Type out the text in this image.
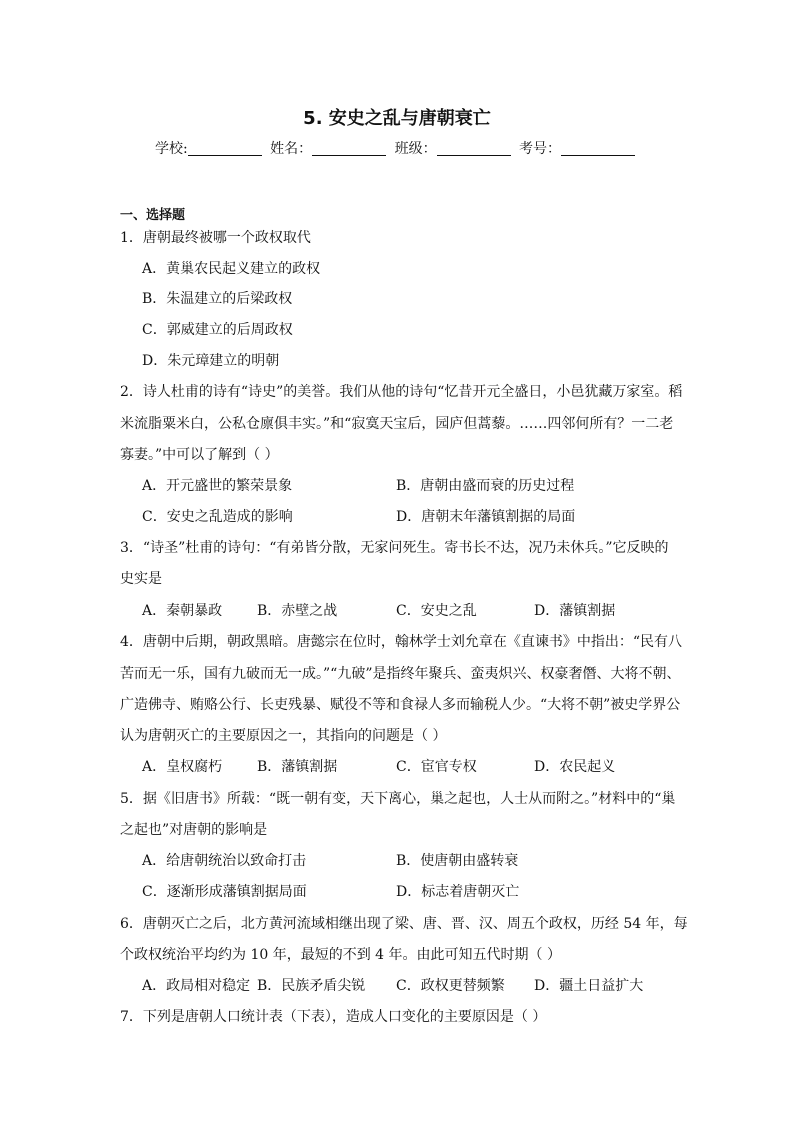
5. 安史之乱与唐朝衰亡
学校:	姓名：	班级：	考号：
一、选择题
1．唐朝最终被哪一个政权取代
A．黄巢农民起义建立的政权
B．朱温建立的后梁政权
C．郭威建立的后周政权
D．朱元璋建立的明朝
2．诗人杜甫的诗有“诗史”的美誉。我们从他的诗句“忆昔开元全盛日，小邑犹藏万家室。稻
米流脂粟米白，公私仓廪俱丰实。”和“寂寞天宝后，园庐但蒿藜。……四邻何所有？一二老
寡妻。”中可以了解到（ ）
A．开元盛世的繁荣景象	B．唐朝由盛而衰的历史过程
C．安史之乱造成的影响	D．唐朝末年藩镇割据的局面
3．“诗圣”杜甫的诗句：“有弟皆分散，无家问死生。寄书长不达，况乃未休兵。”它反映的
史实是
A．秦朝暴政 B．赤壁之战	C．安史之乱	D．藩镇割据
4．唐朝中后期，朝政黑暗。唐懿宗在位时，翰林学士刘允章在《直谏书》中指出：“民有八
苦而无一乐，国有九破而无一成。”“九破”是指终年聚兵、蛮夷炽兴、权豪奢僭、大将不朝、
广造佛寺、贿赂公行、长吏残暴、赋役不等和食禄人多而输税人少。“大将不朝”被史学界公
认为唐朝灭亡的主要原因之一，其指向的问题是（ ）
A．皇权腐朽 B．藩镇割据	C．宦官专权	D．农民起义
5．据《旧唐书》所载：“既一朝有变，天下离心，巢之起也，人士从而附之。”材料中的“巢
之起也”对唐朝的影响是
A．给唐朝统治以致命打击	B．使唐朝由盛转衰
C．逐渐形成藩镇割据局面	D．标志着唐朝灭亡
6．唐朝灭亡之后，北方黄河流域相继出现了梁、唐、晋、汉、周五个政权，历经 54 年，每
个政权统治平均约为 10 年，最短的不到 4 年。由此可知五代时期（ ）
A．政局相对稳定 B．民族矛盾尖锐 C．政权更替频繁 D．疆土日益扩大
7．下列是唐朝人口统计表（下表），造成人口变化的主要原因是（ ）
